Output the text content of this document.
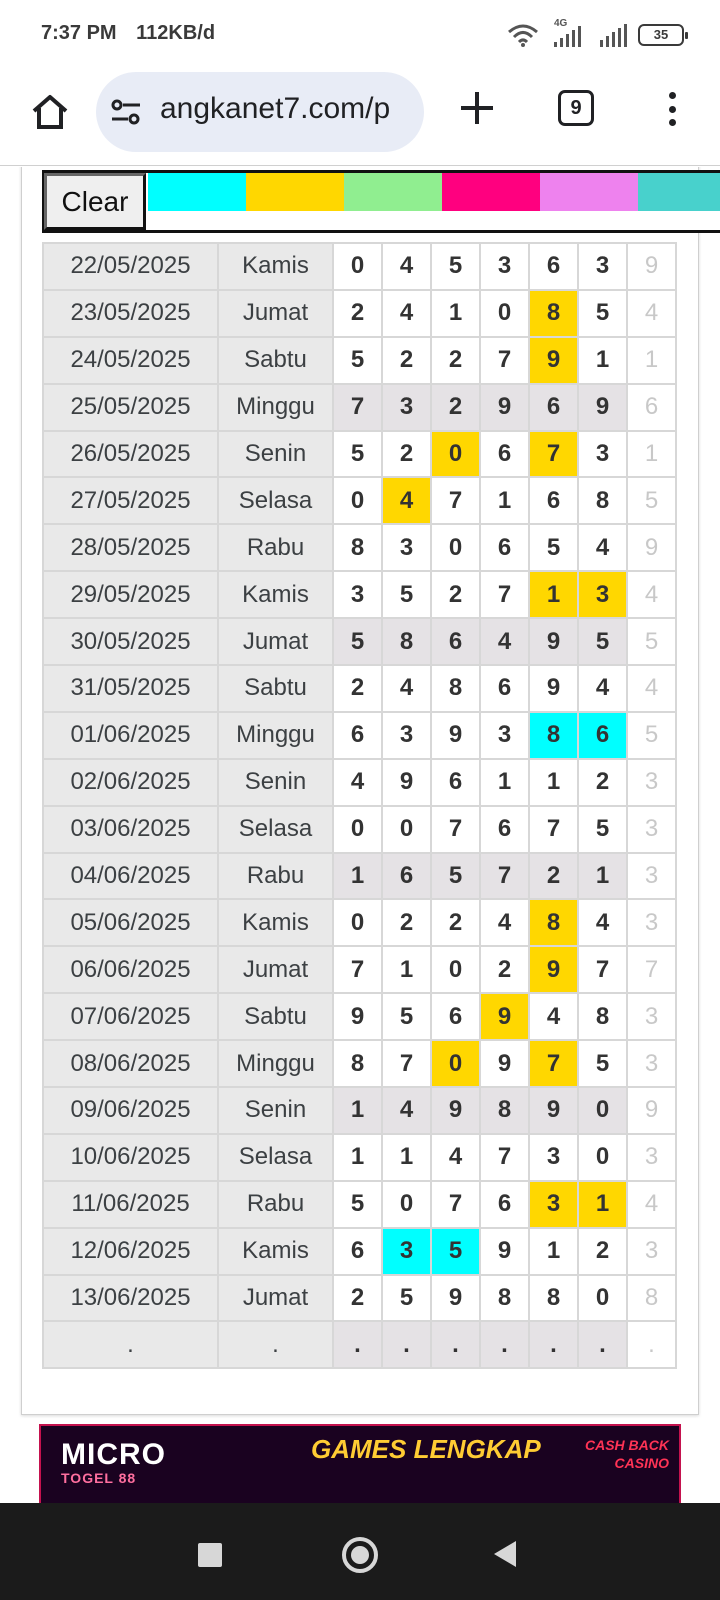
7:37 PM 112KB/d	4G
35
angkanet7.com/p	9
22/05/2025	Kamis	0	4	5	3	6	3	9
23/05/2025	Jumat	2	4	1	0	8	5	4
24/05/2025	Sabtu	5	2	2	7	9	1	1
25/05/2025	Minggu	7	3	2	9	6	9	6
26/05/2025	Senin	5	2	0	6	7	3	1
27/05/2025	Selasa	0	4	7	1	6	8	5
28/05/2025	Rabu	8	3	0	6	5	4	9
29/05/2025	Kamis	3	5	2	7	1	3	4
30/05/2025	Jumat	5	8	6	4	9	5	5
31/05/2025	Sabtu	2	4	8	6	9	4	4
01/06/2025	Minggu	6	3	9	3	8	6	5
02/06/2025	Senin	4	9	6	1	1	2	3
03/06/2025	Selasa	0	0	7	6	7	5	3
04/06/2025	Rabu	1	6	5	7	2	1	3
05/06/2025	Kamis	0	2	2	4	8	4	3
06/06/2025	Jumat	7	1	0	2	9	7	7
07/06/2025	Sabtu	9	5	6	9	4	8	3
08/06/2025	Minggu	8	7	0	9	7	5	3
09/06/2025	Senin	1	4	9	8	9	0	9
10/06/2025	Selasa	1	1	4	7	3	0	3
11/06/2025	Rabu	5	0	7	6	3	1	4
12/06/2025	Kamis	6	3	5	9	1	2	3
13/06/2025	Jumat	2	5	9	8	8	0	8
.	.	.	.	.	.	.	.	.
Clear
MICRO
TOGEL 88
GAMES LENGKAP	CASH BACK
CASINO
